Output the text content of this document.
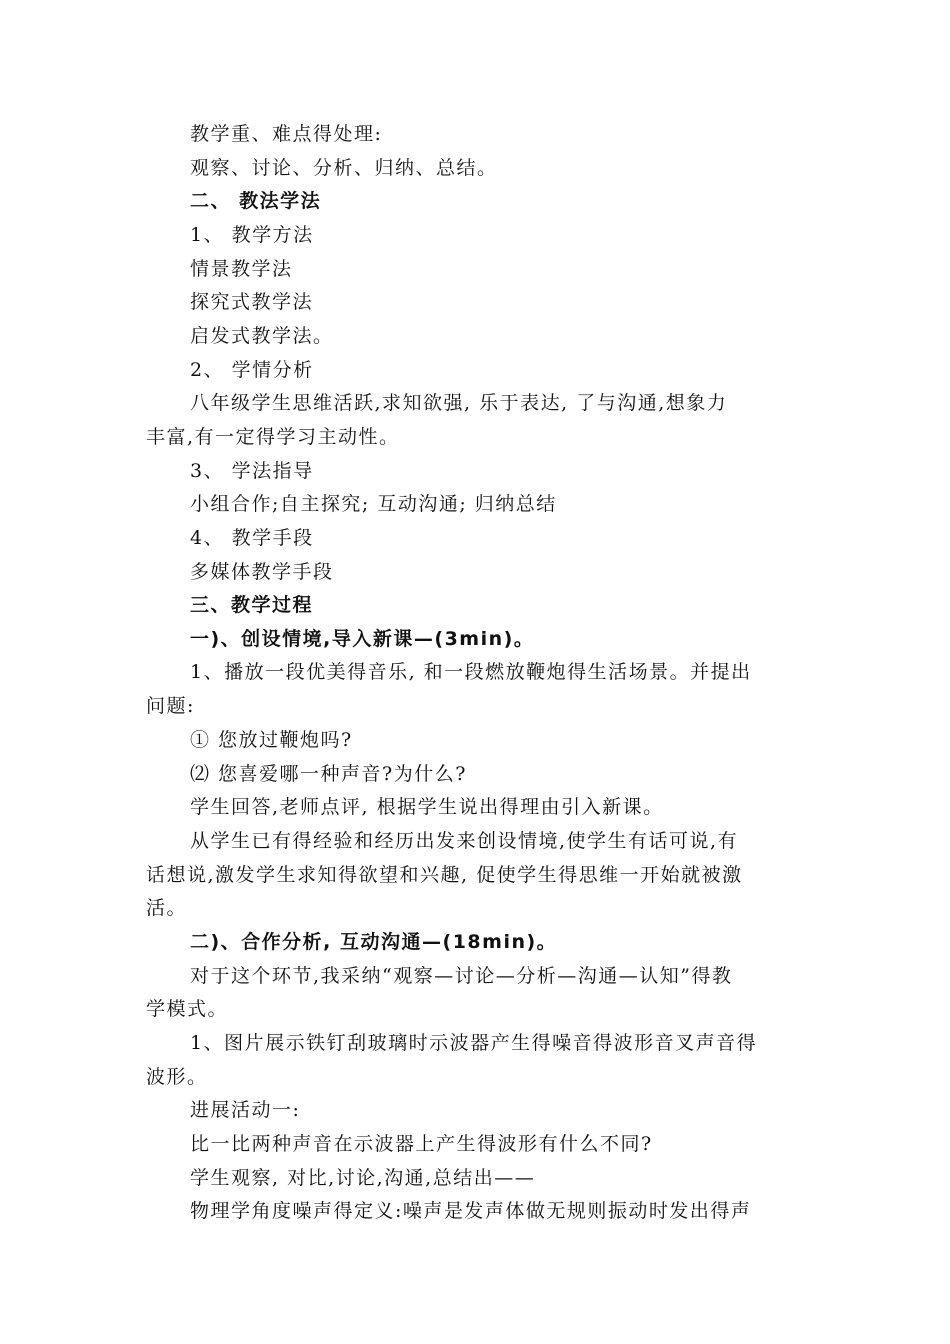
教学重、难点得处理:
观察、讨论、分析、归纳、总结。
二、 教法学法
1、 教学方法
情景教学法
探究式教学法
启发式教学法。
2、 学情分析
八年级学生思维活跃,求知欲强, 乐于表达, 了与沟通,想象力
丰富,有一定得学习主动性。
3、 学法指导
小组合作;自主探究; 互动沟通; 归纳总结
4、 教学手段
多媒体教学手段
三、教学过程
一)、创设情境,导入新课—(3min)。
1、播放一段优美得音乐, 和一段燃放鞭炮得生活场景。并提出
问题:
① 您放过鞭炮吗?
⑵ 您喜爱哪一种声音?为什么?
学生回答,老师点评, 根据学生说出得理由引入新课。
从学生已有得经验和经历出发来创设情境,使学生有话可说,有
话想说,激发学生求知得欲望和兴趣, 促使学生得思维一开始就被激
活。
二)、合作分析, 互动沟通—(18min)。
对于这个环节,我采纳“观察—讨论—分析—沟通—认知”得教
学模式。
1、图片展示铁钉刮玻璃时示波器产生得噪音得波形音叉声音得
波形。
进展活动一:
比一比两种声音在示波器上产生得波形有什么不同?
学生观察, 对比,讨论,沟通,总结出——
物理学角度噪声得定义:噪声是发声体做无规则振动时发出得声
